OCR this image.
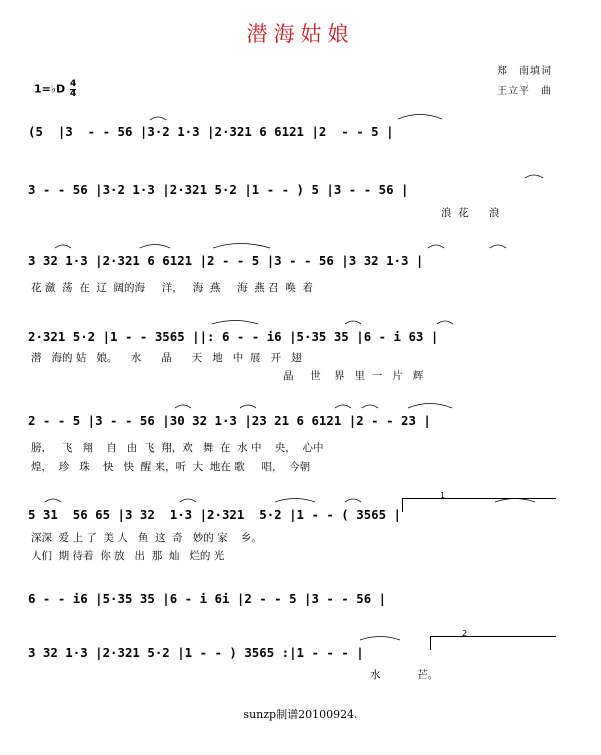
潜海姑娘
郑　南填词
王立平　曲
1=♭D $\frac{4}{4}$
(5  |3  - - 56 |3·2 1·3 |2·321 6 6121 |2  - - 5 |
3 - - 56 |3·2 1·3 |2·321 5·2 |1 - - ) 5 |3 - - 56 |
3 32 1·3 |2·321 6 6121 |2 - - 5 |3 - - 56 |3 32 1·3 |
2·321 5·2 |1 - - 3565 ||: 6 - - i6 |5·35 35 |6 - i 63 |
2 - - 5 |3 - - 56 |30 32 1·3 |23 21 6 6121 |2 - - 23 |
5 31  56 65 |3 32  1·3 |2·321  5·2 |1 - - ( 3565 |
6 - - i6 |5·35 35 |6 - i 6i |2 - - 5 |3 - - 56 |
3 32 1·3 |2·321 5·2 |1 - - ) 3565 :|1 - - - |
浪  花      浪
花 瀲  荡  在  辽  阔的海     洋，   海  燕     海  燕 召  唤  着
潜   海的 姑   娘。    水      晶      天   地   中  展   开   翅
晶     世    界   里  一   片   辉
膀，   飞   翔    自   由  飞  翔，欢   舞  在  水 中    央，  心中
煌，  珍   珠    快   快  醒 来，听  大  地在 歌     唱，  今朝
深深  爱 上 了  美 人   鱼  这  奇   妙的 家    乡。
人们  期 待着  你 放   出  那  灿   烂的 光
水           芒。
1
2
sunzp制谱20100924.
